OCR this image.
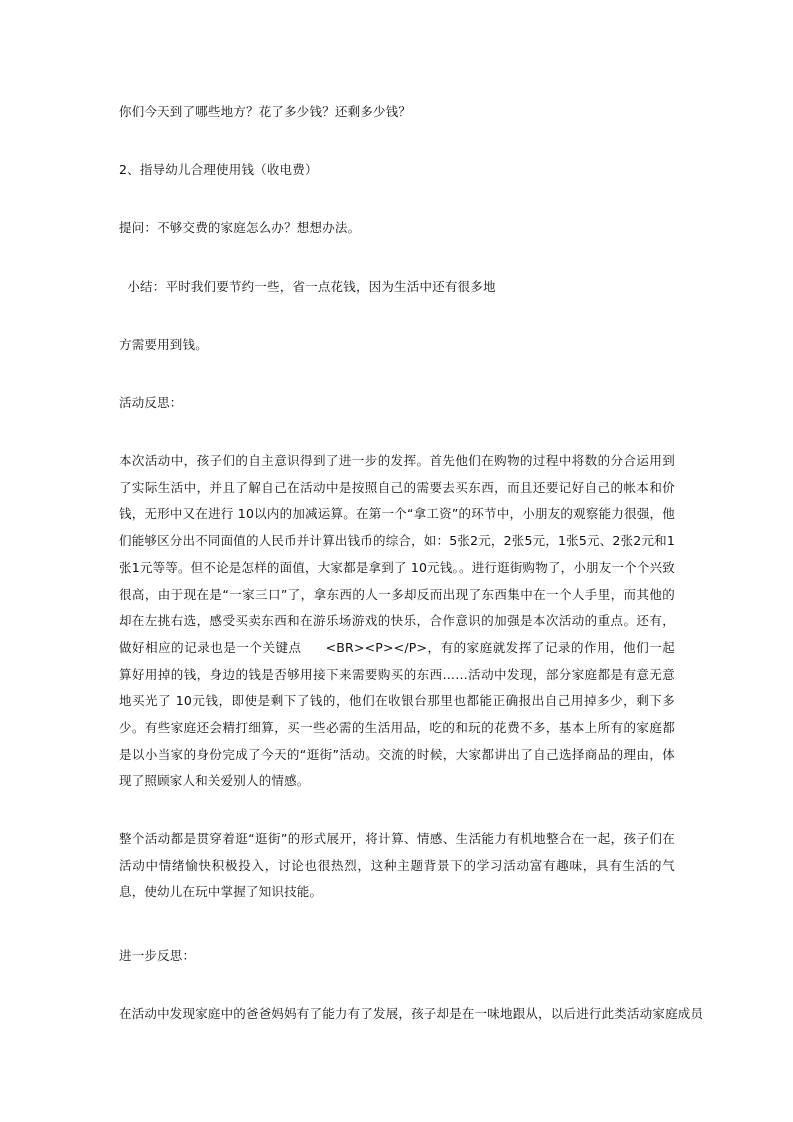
你们今天到了哪些地方？花了多少钱？还剩多少钱？
2、指导幼儿合理使用钱（收电费）
提问：不够交费的家庭怎么办？想想办法。
小结：平时我们要节约一些，省一点花钱，因为生活中还有很多地
方需要用到钱。
活动反思：
本次活动中，孩子们的自主意识得到了进一步的发挥。首先他们在购物的过程中将数的分合运用到了实际生活中，并且了解自己在活动中是按照自己的需要去买东西，而且还要记好自己的帐本和价钱，无形中又在进行 10以内的加减运算。在第一个“拿工资”的环节中，小朋友的观察能力很强，他们能够区分出不同面值的人民币并计算出钱币的综合，如：5张2元，2张5元，1张5元、2张2元和1张1元等等。但不论是怎样的面值，大家都是拿到了 10元钱。。进行逛街购物了，小朋友一个个兴致很高，由于现在是“一家三口”了，拿东西的人一多却反而出现了东西集中在一个人手里，而其他的却在左挑右选，感受买卖东西和在游乐场游戏的快乐，合作意识的加强是本次活动的重点。还有，做好相应的记录也是一个关键点 <BR><P></P>，有的家庭就发挥了记录的作用，他们一起算好用掉的钱，身边的钱是否够用接下来需要购买的东西……活动中发现，部分家庭都是有意无意地买光了 10元钱，即使是剩下了钱的，他们在收银台那里也都能正确报出自己用掉多少，剩下多少。有些家庭还会精打细算，买一些必需的生活用品，吃的和玩的花费不多，基本上所有的家庭都是以小当家的身份完成了今天的“逛街”活动。交流的时候，大家都讲出了自己选择商品的理由，体现了照顾家人和关爱别人的情感。
整个活动都是贯穿着逛“逛街”的形式展开，将计算、情感、生活能力有机地整合在一起，孩子们在活动中情绪愉快积极投入，讨论也很热烈，这种主题背景下的学习活动富有趣味，具有生活的气息，使幼儿在玩中掌握了知识技能。
进一步反思：
在活动中发现家庭中的爸爸妈妈有了能力有了发展，孩子却是在一味地跟从，以后进行此类活动家庭成员
